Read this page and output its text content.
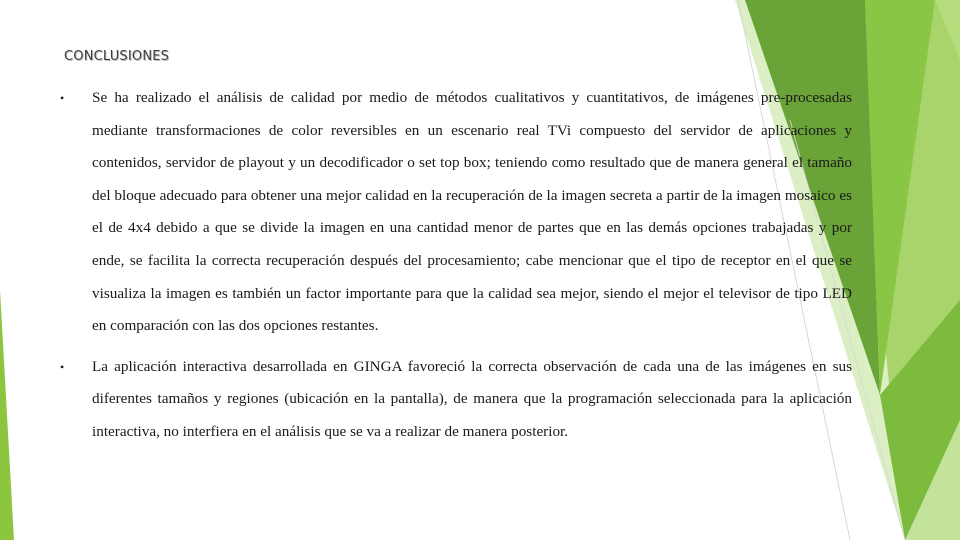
CONCLUSIONES
• Se ha realizado el análisis de calidad por medio de métodos cualitativos y cuantitativos, de imágenes pre-procesadas mediante transformaciones de color reversibles en un escenario real TVi compuesto del servidor de aplicaciones y contenidos, servidor de playout y un decodificador o set top box; teniendo como resultado que de manera general el tamaño del bloque adecuado para obtener una mejor calidad en la recuperación de la imagen secreta a partir de la imagen mosaico es el de 4x4 debido a que se divide la imagen en una cantidad menor de partes que en las demás opciones trabajadas y por ende, se facilita la correcta recuperación después del procesamiento; cabe mencionar que el tipo de receptor en el que se visualiza la imagen es también un factor importante para que la calidad sea mejor, siendo el mejor el televisor de tipo LED en comparación con las dos opciones restantes.
• La aplicación interactiva desarrollada en GINGA favoreció la correcta observación de cada una de las imágenes en sus diferentes tamaños y regiones (ubicación en la pantalla), de manera que la programación seleccionada para la aplicación interactiva, no interfiera en el análisis que se va a realizar de manera posterior.
